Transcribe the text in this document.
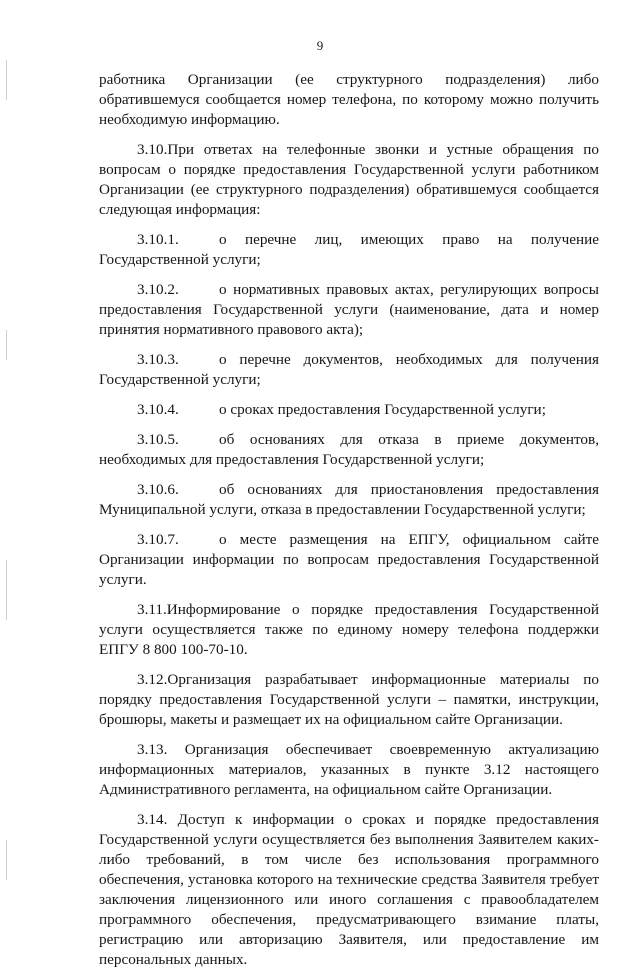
9

работника Организации (ее структурного подразделения) либо обратившемуся сообщается номер телефона, по которому можно получить необходимую информацию.

3.10.При ответах на телефонные звонки и устные обращения по вопросам о порядке предоставления Государственной услуги работником Организации (ее структурного подразделения) обратившемуся сообщается следующая информация:

3.10.1.	о перечне лиц, имеющих право на получение Государственной услуги;

3.10.2.	о нормативных правовых актах, регулирующих вопросы предоставления Государственной услуги (наименование, дата и номер принятия нормативного правового акта);

3.10.3.	о перечне документов, необходимых для получения Государственной услуги;

3.10.4.	о сроках предоставления Государственной услуги;

3.10.5.	об основаниях для отказа в приеме документов, необходимых для предоставления Государственной услуги;

3.10.6.	об основаниях для приостановления предоставления Муниципальной услуги, отказа в предоставлении Государственной услуги;

3.10.7.	о месте размещения на ЕПГУ, официальном сайте Организации информации по вопросам предоставления Государственной услуги.

3.11.Информирование о порядке предоставления Государственной услуги осуществляется также по единому номеру телефона поддержки ЕПГУ 8 800 100-70-10.

3.12.Организация разрабатывает информационные материалы по порядку предоставления Государственной услуги – памятки, инструкции, брошюры, макеты и размещает их на официальном сайте Организации.

3.13. Организация обеспечивает своевременную актуализацию информационных материалов, указанных в пункте 3.12 настоящего Административного регламента, на официальном сайте Организации.

3.14. Доступ к информации о сроках и порядке предоставления Государственной услуги осуществляется без выполнения Заявителем каких-либо требований, в том числе без использования программного обеспечения, установка которого на технические средства Заявителя требует заключения лицензионного или иного соглашения с правообладателем программного обеспечения, предусматривающего взимание платы, регистрацию или авторизацию Заявителя, или предоставление им персональных данных.
